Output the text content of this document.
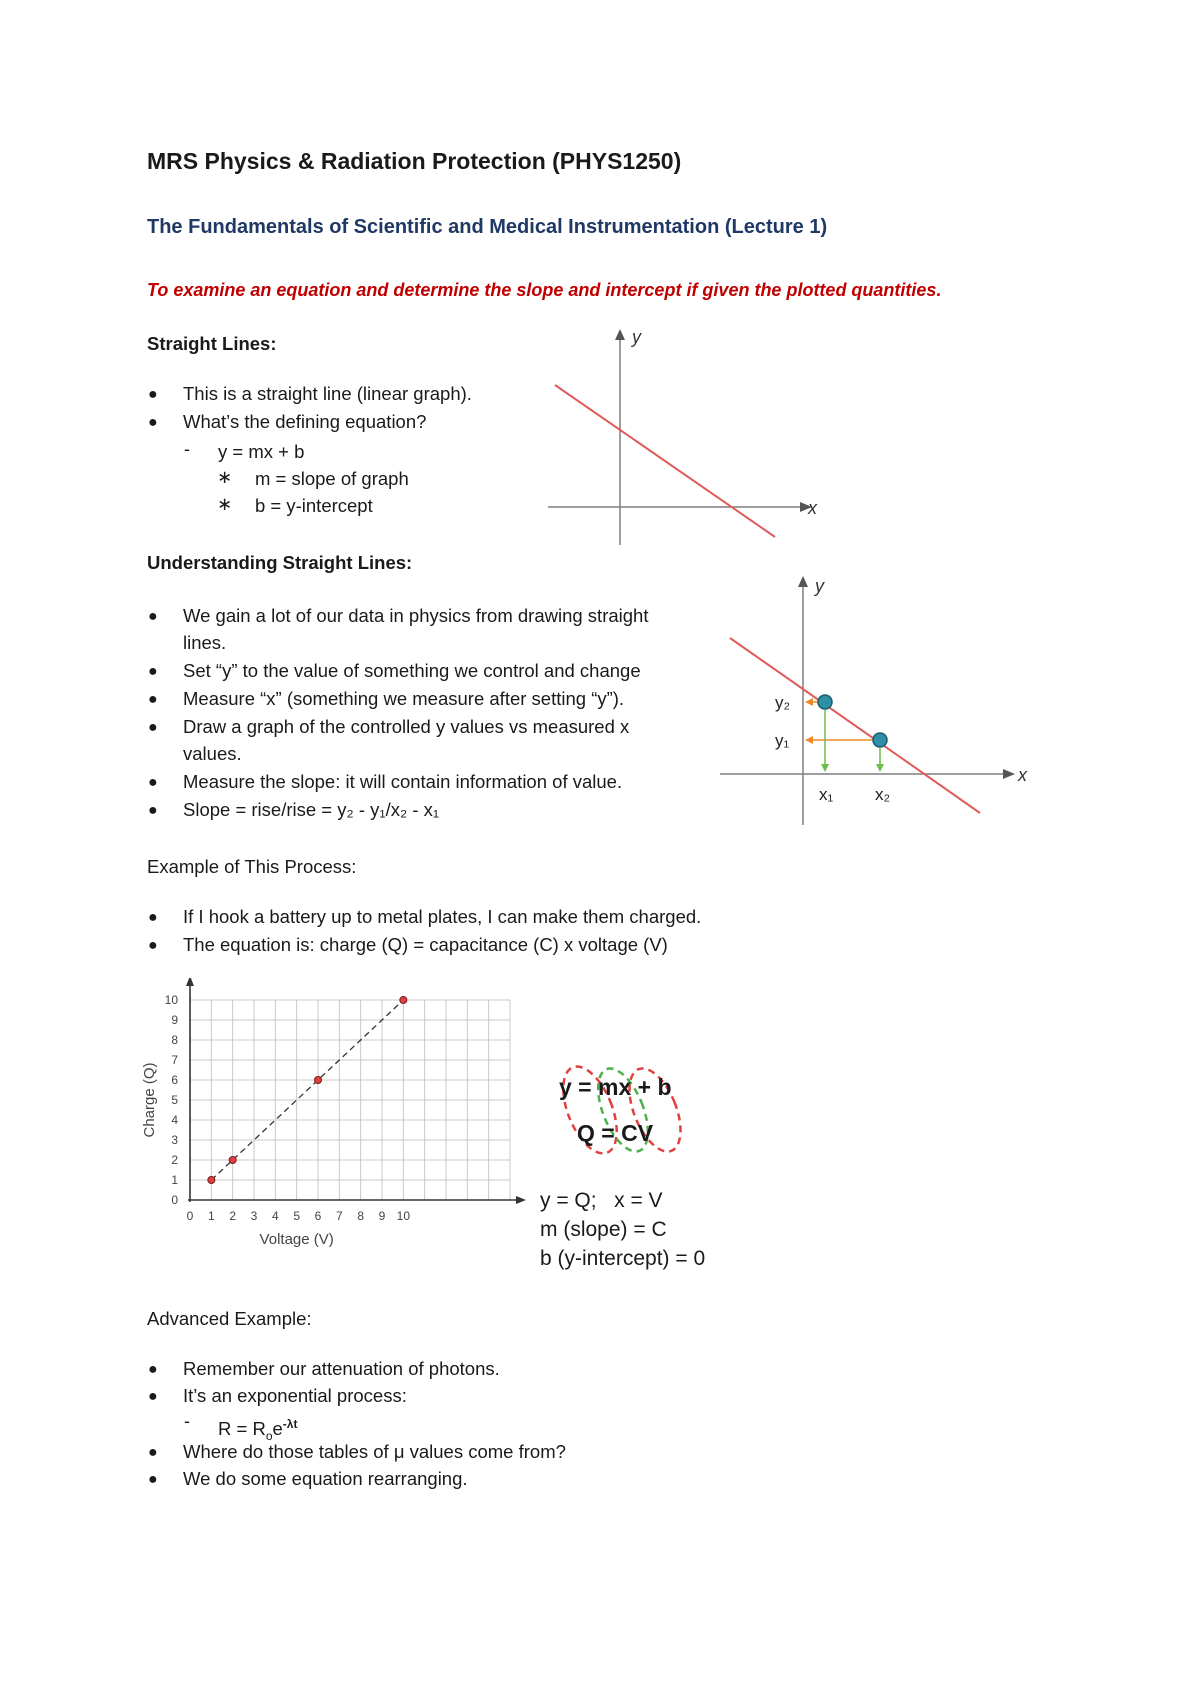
MRS Physics & Radiation Protection (PHYS1250)
The Fundamentals of Scientific and Medical Instrumentation (Lecture 1)
To examine an equation and determine the slope and intercept if given the plotted quantities.
Straight Lines:
● This is a straight line (linear graph).
● What’s the defining equation?
- y = mx + b
∗ m = slope of graph
∗ b = y-intercept
y
x
Understanding Straight Lines:
● We gain a lot of our data in physics from drawing straight
lines.
● Set “y” to the value of something we control and change
● Measure “x” (something we measure after setting “y”).
● Draw a graph of the controlled y values vs measured x
values.
● Measure the slope: it will contain information of value.
● Slope = rise/rise = y₂ - y₁/x₂ - x₁
y
x
y₂
y₁
x₁ x₂
Example of This Process:
● If I hook a battery up to metal plates, I can make them charged.
● The equation is: charge (Q) = capacitance (C) x voltage (V)
0 1 2 3 4 5 6 7 8 9 10
0
1
2
3
4
5
6
7
8
9
10
Voltage (V)
Charge (Q)	y = mx + b
Q = CV
y = Q;   x = V
m (slope) = C
b (y-intercept) = 0
Advanced Example:
● Remember our attenuation of photons.
● It’s an exponential process:
- $R = R_oe^{-\lambda t}$
● Where do those tables of μ values come from?
● We do some equation rearranging.
